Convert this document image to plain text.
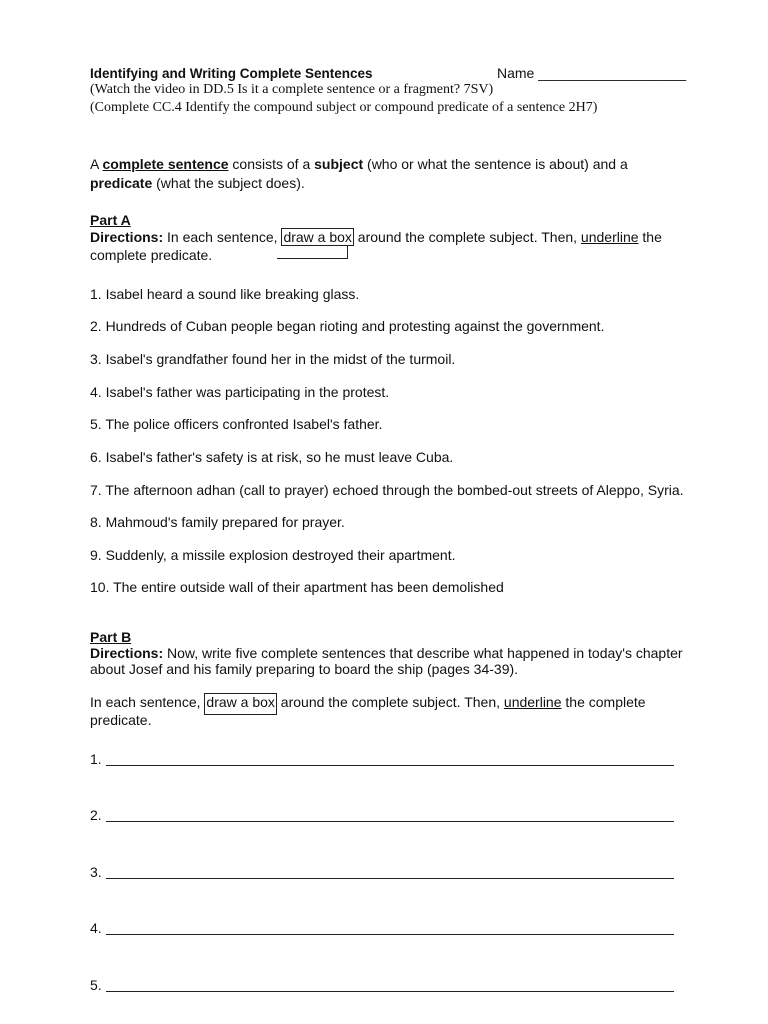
Identifying and Writing Complete Sentences	Name ___________________
(Watch the video in DD.5 Is it a complete sentence or a fragment? 7SV)
(Complete CC.4 Identify the compound subject or compound predicate of a sentence 2H7)
A complete sentence consists of a subject (who or what the sentence is about) and a
predicate (what the subject does).
Part A
Directions: In each sentence, draw a box around the complete subject. Then, underline the
complete predicate.
1. Isabel heard a sound like breaking glass.
2. Hundreds of Cuban people began rioting and protesting against the government.
3. Isabel's grandfather found her in the midst of the turmoil.
4. Isabel's father was participating in the protest.
5. The police officers confronted Isabel's father.
6. Isabel's father's safety is at risk, so he must leave Cuba.
7. The afternoon adhan (call to prayer) echoed through the bombed-out streets of Aleppo, Syria.
8. Mahmoud's family prepared for prayer.
9. Suddenly, a missile explosion destroyed their apartment.
10. The entire outside wall of their apartment has been demolished
Part B
Directions: Now, write five complete sentences that describe what happened in today's chapter
about Josef and his family preparing to board the ship (pages 34-39).
In each sentence, draw a box around the complete subject. Then, underline the complete
predicate.
1.
2.
3.
4.
5.
